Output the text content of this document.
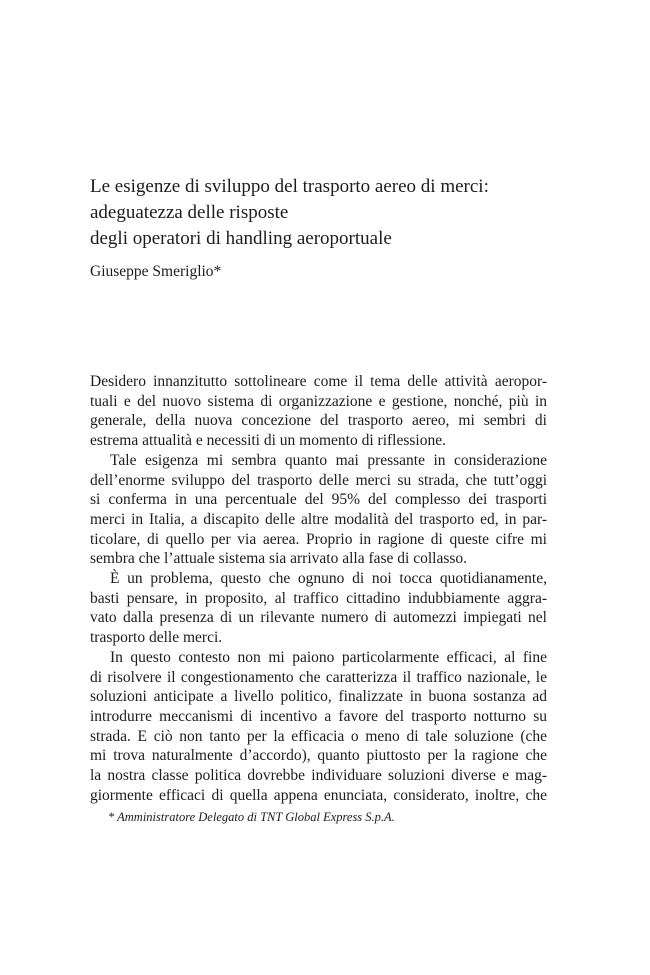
Le esigenze di sviluppo del trasporto aereo di merci:
adeguatezza delle risposte
degli operatori di handling aeroportuale
Giuseppe Smeriglio*
Desidero innanzitutto sottolineare come il tema delle attività aeropor-
tuali e del nuovo sistema di organizzazione e gestione, nonché, più in
generale, della nuova concezione del trasporto aereo, mi sembri di
estrema attualità e necessiti di un momento di riflessione.
Tale esigenza mi sembra quanto mai pressante in considerazione
dell’enorme sviluppo del trasporto delle merci su strada, che tutt’oggi
si conferma in una percentuale del 95% del complesso dei trasporti
merci in Italia, a discapito delle altre modalità del trasporto ed, in par-
ticolare, di quello per via aerea. Proprio in ragione di queste cifre mi
sembra che l’attuale sistema sia arrivato alla fase di collasso.
È un problema, questo che ognuno di noi tocca quotidianamente,
basti pensare, in proposito, al traffico cittadino indubbiamente aggra-
vato dalla presenza di un rilevante numero di automezzi impiegati nel
trasporto delle merci.
In questo contesto non mi paiono particolarmente efficaci, al fine
di risolvere il congestionamento che caratterizza il traffico nazionale, le
soluzioni anticipate a livello politico, finalizzate in buona sostanza ad
introdurre meccanismi di incentivo a favore del trasporto notturno su
strada. E ciò non tanto per la efficacia o meno di tale soluzione (che
mi trova naturalmente d’accordo), quanto piuttosto per la ragione che
la nostra classe politica dovrebbe individuare soluzioni diverse e mag-
giormente efficaci di quella appena enunciata, considerato, inoltre, che
* Amministratore Delegato di TNT Global Express S.p.A.
